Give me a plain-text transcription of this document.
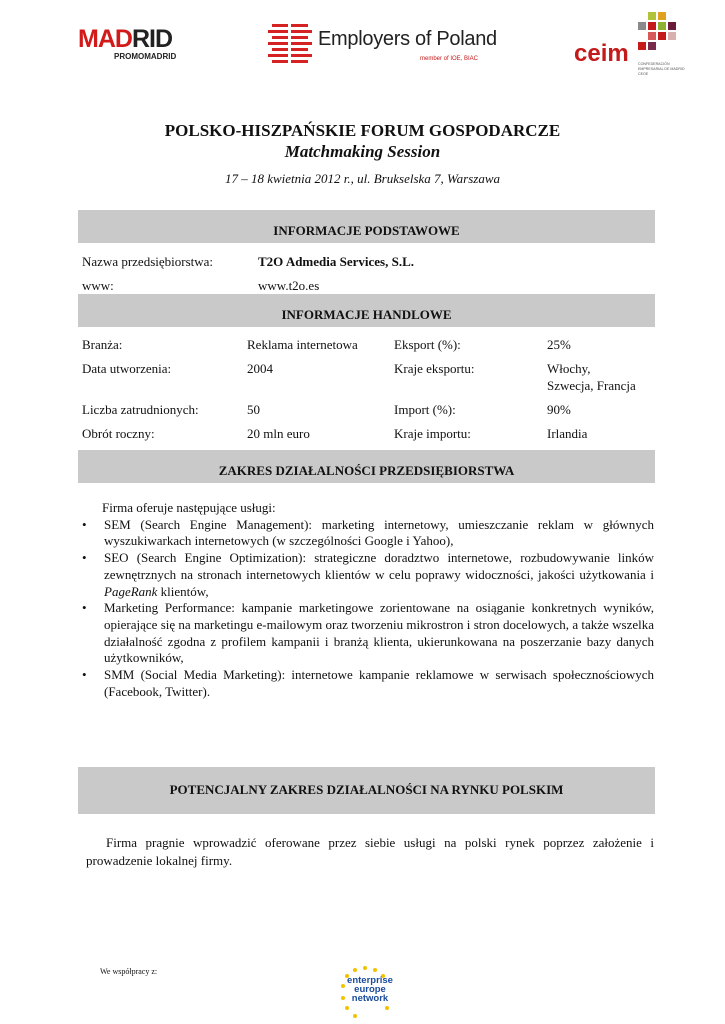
MADRID
PROMOMADRID
Employers of Poland
member of IOE, BIAC	ceim	CONFEDERACIÓN EMPRESARIAL DE MADRID CEOE
POLSKO-HISZPAŃSKIE FORUM GOSPODARCZE
Matchmaking Session
17 – 18 kwietnia 2012 r., ul. Brukselska 7, Warszawa
INFORMACJE PODSTAWOWE
Nazwa przedsiębiorstwa:	T2O Admedia Services, S.L.
www:	www.t2o.es
INFORMACJE HANDLOWE
Branża:	Reklama internetowa	Eksport (%):	25%
Data utworzenia:	2004	Kraje eksportu:	Włochy,
Szwecja, Francja
Liczba zatrudnionych:	50	Import (%):	90%
Obrót roczny:	20 mln euro	Kraje importu:	Irlandia
ZAKRES DZIAŁALNOŚCI PRZEDSIĘBIORSTWA

Firma oferuje następujące usługi:

• SEM (Search Engine Management): marketing internetowy, umieszczanie reklam w głównych wyszukiwarkach internetowych (w szczególności Google i Yahoo),
• SEO (Search Engine Optimization): strategiczne doradztwo internetowe, rozbudowywanie linków zewnętrznych na stronach internetowych klientów w celu poprawy widoczności, jakości użytkowania i PageRank klientów,
• Marketing Performance: kampanie marketingowe zorientowane na osiąganie konkretnych wyników, opierające się na marketingu e-mailowym oraz tworzeniu mikrostron i stron docelowych, a także wszelka działalność zgodna z profilem kampanii i branżą klienta, ukierunkowana na poszerzanie bazy danych użytkowników,
• SMM (Social Media Marketing): internetowe kampanie reklamowe w serwisach społecznościowych (Facebook, Twitter).
POTENCJALNY ZAKRES DZIAŁALNOŚCI NA RYNKU POLSKIM
Firma pragnie wprowadzić oferowane przez siebie usługi na polski rynek poprzez założenie i prowadzenie lokalnej firmy.
We współpracy z:
enterprise europe network
